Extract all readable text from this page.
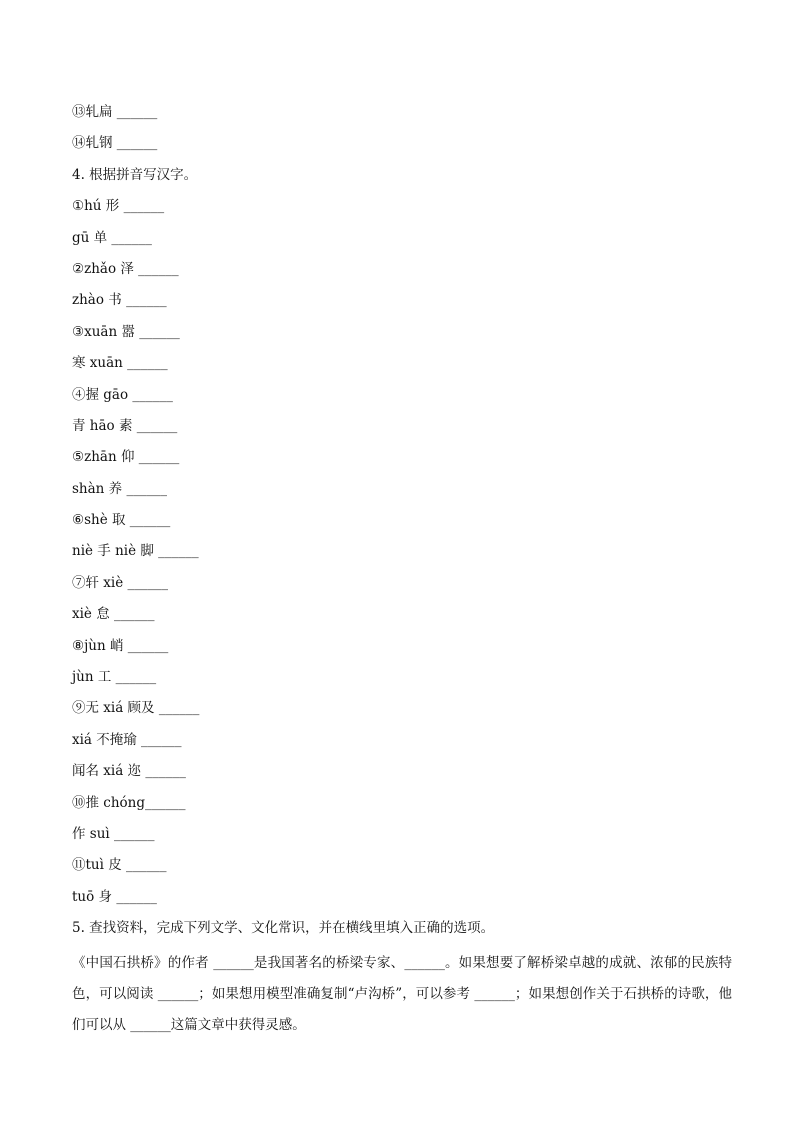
⑬轧扁 ______
⑭轧钢 ______
4. 根据拼音写汉字。
①hú 形 ______
gū 单 ______
②zhǎo 泽 ______
zhào 书 ______
③xuān 嚣 ______
寒 xuān ______
④握 gāo ______
青 hāo 素 ______
⑤zhān 仰 ______
shàn 养 ______
⑥shè 取 ______
niè 手 niè 脚 ______
⑦轩 xiè ______
xiè 怠 ______
⑧jùn 峭 ______
jùn 工 ______
⑨无 xiá 顾及 ______
xiá 不掩瑜 ______
闻名 xiá 迩 ______
⑩推 chóng______
作 suì ______
⑪tuì 皮 ______
tuō 身 ______
5. 查找资料，完成下列文学、文化常识，并在横线里填入正确的选项。
《中国石拱桥》的作者 ______是我国著名的桥梁专家、______。如果想要了解桥梁卓越的成就、浓郁的民族特色，可以阅读 ______；如果想用模型准确复制“卢沟桥”，可以参考 ______；如果想创作关于石拱桥的诗歌，他们可以从 ______这篇文章中获得灵感。
